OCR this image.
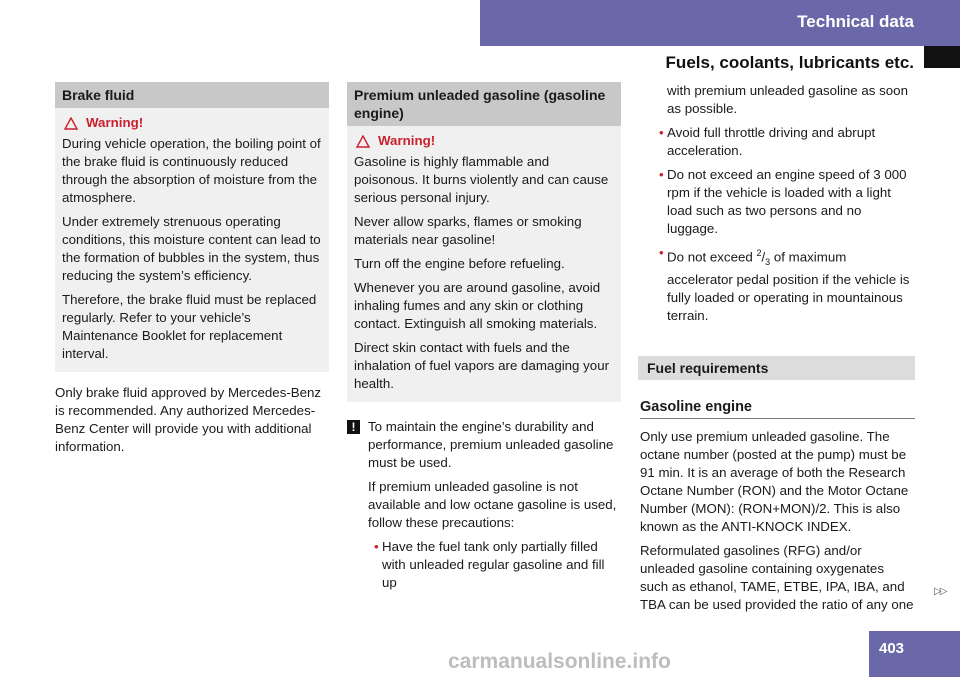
Technical data
Fuels, coolants, lubricants etc.
Brake fluid
Warning!

During vehicle operation, the boiling point of the brake fluid is continuously reduced through the absorption of moisture from the atmosphere.

Under extremely strenuous operating conditions, this moisture content can lead to the formation of bubbles in the system, thus reducing the system’s efficiency.

Therefore, the brake fluid must be replaced regularly. Refer to your vehicle’s Maintenance Booklet for replacement interval.

Only brake fluid approved by Mercedes-Benz is recommended. Any authorized Mercedes-Benz Center will provide you with additional information.

Premium unleaded gasoline (gasoline engine)
Warning!

Gasoline is highly flammable and poisonous. It burns violently and can cause serious personal injury.

Never allow sparks, flames or smoking materials near gasoline!

Turn off the engine before refueling.

Whenever you are around gasoline, avoid inhaling fumes and any skin or clothing contact. Extinguish all smoking materials.

Direct skin contact with fuels and the inhalation of fuel vapors are damaging your health.

! To maintain the engine’s durability and performance, premium unleaded gasoline must be used.

If premium unleaded gasoline is not available and low octane gasoline is used, follow these precautions:

• Have the fuel tank only partially filled with unleaded regular gasoline and fill up

with premium unleaded gasoline as soon as possible.

• Avoid full throttle driving and abrupt acceleration.
• Do not exceed an engine speed of 3 000 rpm if the vehicle is loaded with a light load such as two persons and no luggage.
• Do not exceed $^2/_3$ of maximum accelerator pedal position if the vehicle is fully loaded or operating in mountainous terrain.
Fuel requirements
Gasoline engine

Only use premium unleaded gasoline. The octane number (posted at the pump) must be 91 min. It is an average of both the Research Octane Number (RON) and the Motor Octane Number (MON): (RON+MON)/2. This is also known as the ANTI-KNOCK INDEX.

Reformulated gasolines (RFG) and/or unleaded gasoline containing oxygenates such as ethanol, TAME, ETBE, IPA, IBA, and TBA can be used provided the ratio of any one

▷▷
403
carmanualsonline.info
